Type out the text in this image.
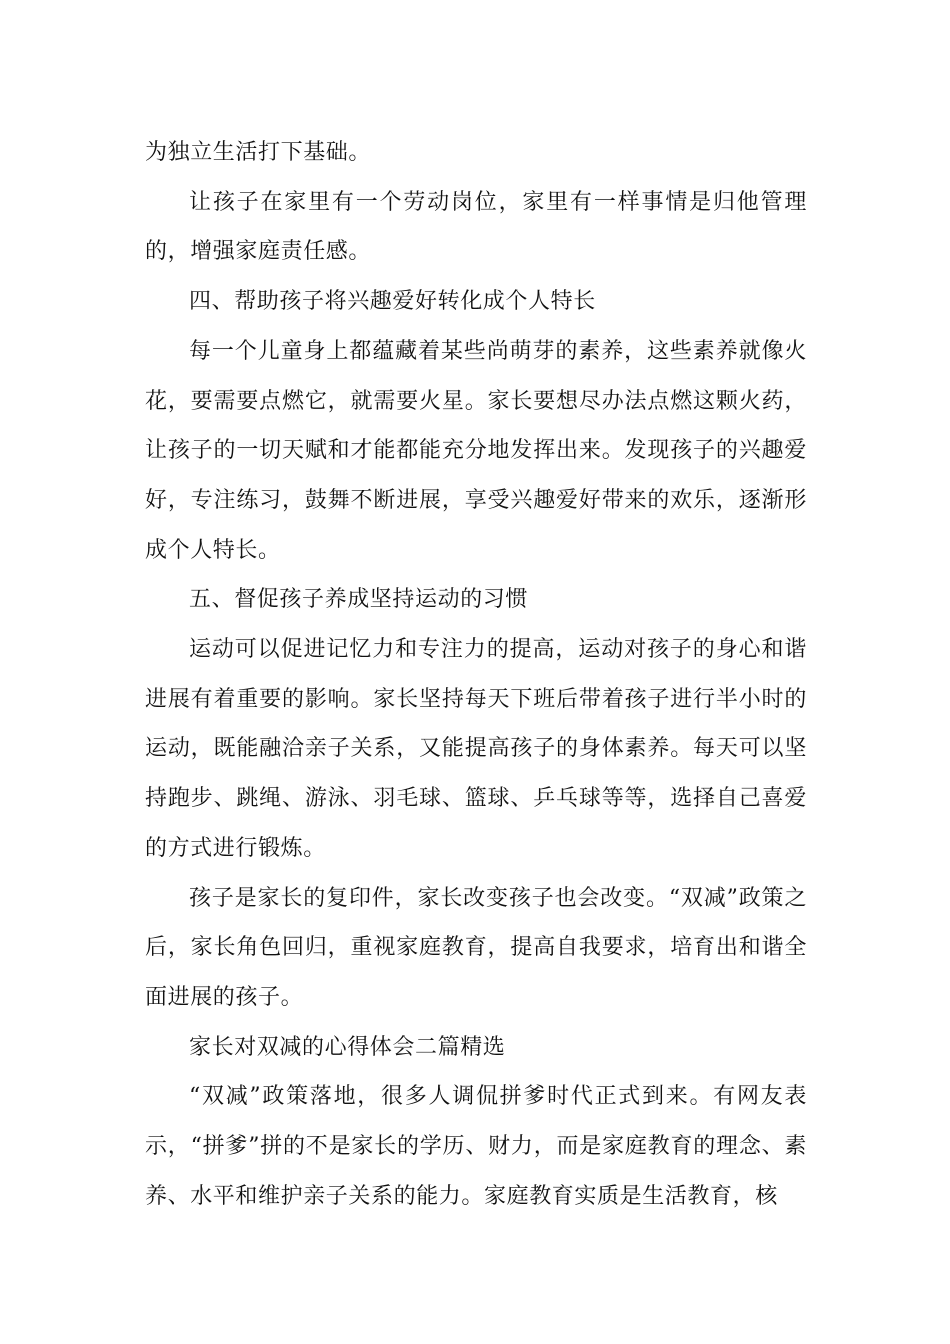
为独立生活打下基础。

让孩子在家里有一个劳动岗位，家里有一样事情是归他管理的，增强家庭责任感。

四、帮助孩子将兴趣爱好转化成个人特长

每一个儿童身上都蕴藏着某些尚萌芽的素养，这些素养就像火花，要需要点燃它，就需要火星。家长要想尽办法点燃这颗火药，让孩子的一切天赋和才能都能充分地发挥出来。发现孩子的兴趣爱好，专注练习，鼓舞不断进展，享受兴趣爱好带来的欢乐，逐渐形成个人特长。

五、督促孩子养成坚持运动的习惯

运动可以促进记忆力和专注力的提高，运动对孩子的身心和谐进展有着重要的影响。家长坚持每天下班后带着孩子进行半小时的运动，既能融洽亲子关系，又能提高孩子的身体素养。每天可以坚持跑步、跳绳、游泳、羽毛球、篮球、乒乓球等等，选择自己喜爱的方式进行锻炼。

孩子是家长的复印件，家长改变孩子也会改变。“双减”政策之后，家长角色回归，重视家庭教育，提高自我要求，培育出和谐全面进展的孩子。

家长对双减的心得体会二篇精选

“双减”政策落地，很多人调侃拼爹时代正式到来。有网友表示，“拼爹”拼的不是家长的学历、财力，而是家庭教育的理念、素养、水平和维护亲子关系的能力。家庭教育实质是生活教育，核
